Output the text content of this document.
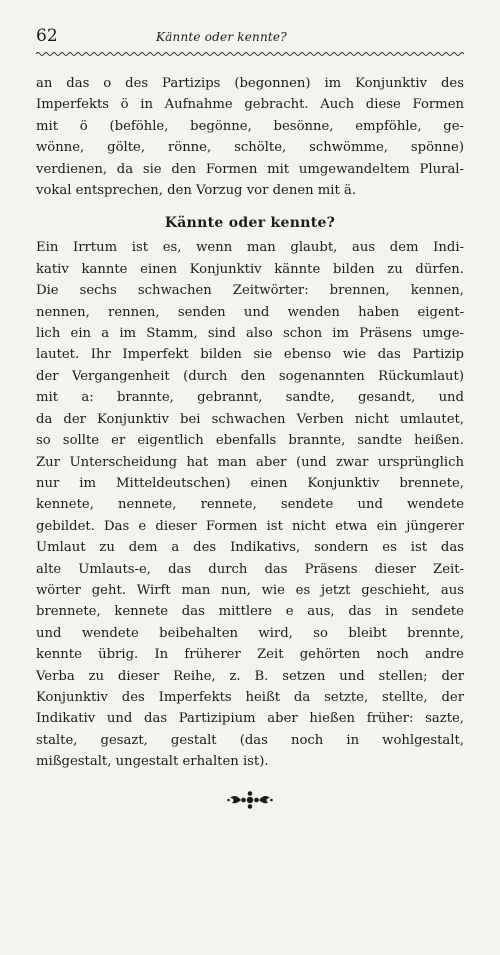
62	Kännte oder kennte?

an das o des Partizips (begonnen) im Konjunktiv des
Imperfekts ö in Aufnahme gebracht. Auch diese Formen
mit ö (beföhle, begönne, besönne, empföhle, ge-
wönne, gölte, rönne, schölte, schwömme, spönne)
verdienen, da sie den Formen mit umgewandeltem Plural-
vokal entsprechen, den Vorzug vor denen mit ä.

Kännte oder kennte?

Ein Irrtum ist es, wenn man glaubt, aus dem Indi-
kativ kannte einen Konjunktiv kännte bilden zu dürfen.
Die sechs schwachen Zeitwörter: brennen, kennen,
nennen, rennen, senden und wenden haben eigent-
lich ein a im Stamm, sind also schon im Präsens umge-
lautet. Ihr Imperfekt bilden sie ebenso wie das Partizip
der Vergangenheit (durch den sogenannten Rückumlaut)
mit a: brannte, gebrannt, sandte, gesandt, und
da der Konjunktiv bei schwachen Verben nicht umlautet,
so sollte er eigentlich ebenfalls brannte, sandte heißen.
Zur Unterscheidung hat man aber (und zwar ursprünglich
nur im Mitteldeutschen) einen Konjunktiv brennete,
kennete, nennete, rennete, sendete und wendete
gebildet. Das e dieser Formen ist nicht etwa ein jüngerer
Umlaut zu dem a des Indikativs, sondern es ist das
alte Umlauts-e, das durch das Präsens dieser Zeit-
wörter geht. Wirft man nun, wie es jetzt geschieht, aus
brennete, kennete das mittlere e aus, das in sendete
und wendete beibehalten wird, so bleibt brennte,
kennte übrig. In früherer Zeit gehörten noch andre
Verba zu dieser Reihe, z. B. setzen und stellen; der
Konjunktiv des Imperfekts heißt da setzte, stellte, der
Indikativ und das Partizipium aber hießen früher: sazte,
stalte, gesazt, gestalt (das noch in wohlgestalt,
mißgestalt, ungestalt erhalten ist).
